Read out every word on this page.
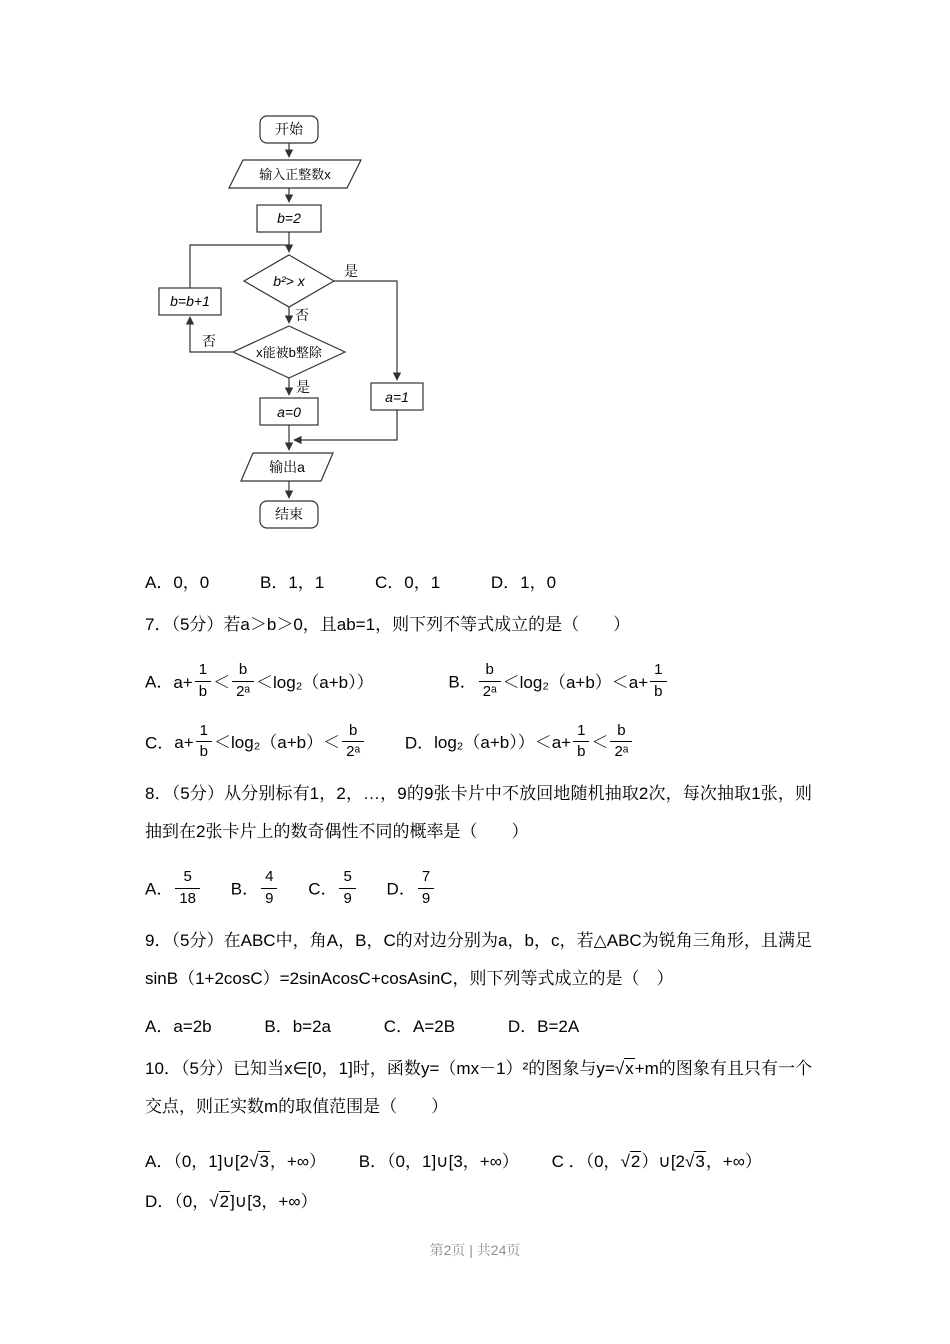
开始
输入正整数x
b=2
b²> x
是
否
x能被b整除
否
是
b=b+1
a=0
a=1
输出a
结束
A．0，0	B．1，1	C．0，1	D．1，0

7．（5分）若a＞b＞0，且ab=1，则下列不等式成立的是（　　）

A．$a+ \frac{1}{b} < \frac{b}{\text{2ᵃ}} <\log_2(a+b)$）	B． $\frac{b}{\text{2ᵃ}} <\log_2(a+b)<a+ \frac{1}{b}$
C．$a+ \frac{1}{b} <\log_2(a+b)< \frac{b}{\text{2ᵃ}}$ D．$\log_2(a+b))<a+ \frac{1}{b} < \frac{b}{\text{2ᵃ}}$

8．（5分）从分别标有1，2，…，9的9张卡片中不放回地随机抽取2次，每次抽取1张，则抽到在2张卡片上的数奇偶性不同的概率是（　　）

A． $\frac{5}{18}$ B． $\frac{4}{9}$ C． $\frac{5}{9}$ D． $\frac{7}{9}$

9．（5分）在ABC中，角A，B，C的对边分别为a，b，c，若△ABC为锐角三角形，且满足sinB（1+2cosC）=2sinAcosC+cosAsinC，则下列等式成立的是（　）

A．a=2b	B．b=2a	C．A=2B	D．B=2A

10．（5分）已知当x∈[0，1]时，函数y=（mx－1）²的图象与y=√x+m的图象有且只有一个交点，则正实数m的取值范围是（　　）

A．（0，1]∪[2√3，+∞） B．（0，1]∪[3，+∞） C ．（0，√2）∪[2√3，+∞） D．（0，√2]∪[3，+∞）
第2页 | 共24页
